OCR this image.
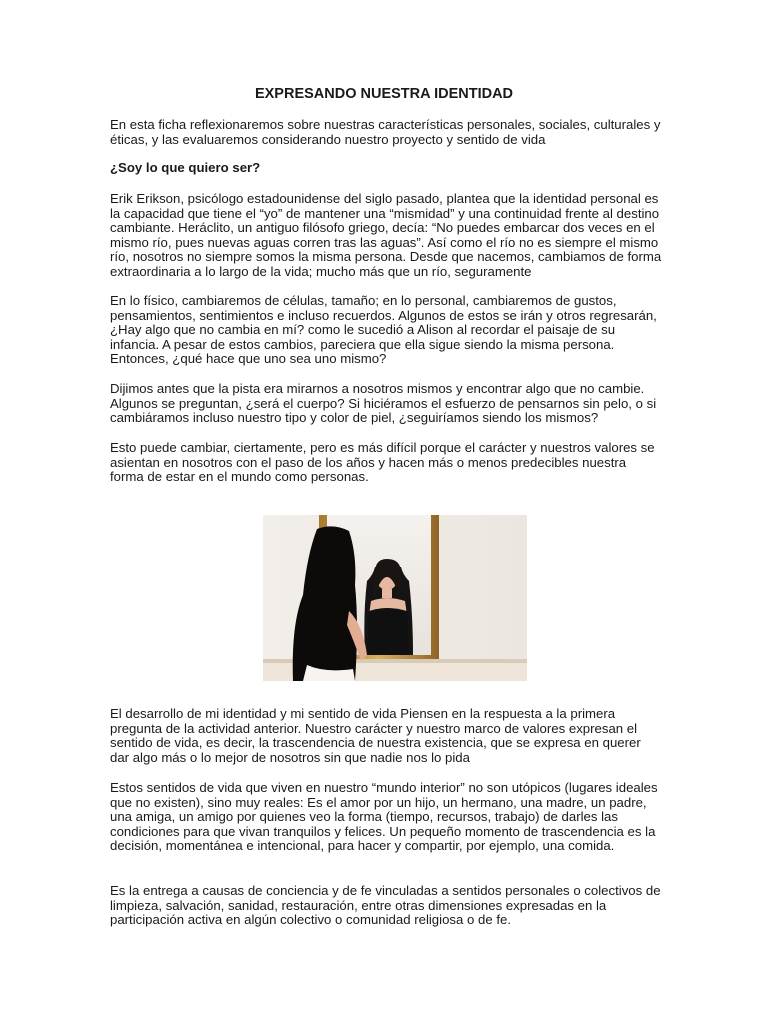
EXPRESANDO NUESTRA IDENTIDAD

En esta ficha reflexionaremos sobre nuestras características personales, sociales, culturales y éticas, y las evaluaremos considerando nuestro proyecto y sentido de vida

¿Soy lo que quiero ser?

Erik Erikson, psicólogo estadounidense del siglo pasado, plantea que la identidad personal es la capacidad que tiene el “yo” de mantener una “mismidad” y una continuidad frente al destino cambiante. Heráclito, un antiguo filósofo griego, decía: “No puedes embarcar dos veces en el mismo río, pues nuevas aguas corren tras las aguas”. Así como el río no es siempre el mismo río, nosotros no siempre somos la misma persona. Desde que nacemos, cambiamos de forma extraordinaria a lo largo de la vida; mucho más que un río, seguramente

En lo físico, cambiaremos de células, tamaño; en lo personal, cambiaremos de gustos, pensamientos, sentimientos e incluso recuerdos. Algunos de estos se irán y otros regresarán, ¿Hay algo que no cambia en mí? como le sucedió a Alison al recordar el paisaje de su infancia. A pesar de estos cambios, pareciera que ella sigue siendo la misma persona. Entonces, ¿qué hace que uno sea uno mismo?

Dijimos antes que la pista era mirarnos a nosotros mismos y encontrar algo que no cambie. Algunos se preguntan, ¿será el cuerpo? Si hiciéramos el esfuerzo de pensarnos sin pelo, o si cambiáramos incluso nuestro tipo y color de piel, ¿seguiríamos siendo los mismos?

Esto puede cambiar, ciertamente, pero es más difícil porque el carácter y nuestros valores se asientan en nosotros con el paso de los años y hacen más o menos predecibles nuestra forma de estar en el mundo como personas.

El desarrollo de mi identidad y mi sentido de vida Piensen en la respuesta a la primera pregunta de la actividad anterior. Nuestro carácter y nuestro marco de valores expresan el sentido de vida, es decir, la trascendencia de nuestra existencia, que se expresa en querer dar algo más o lo mejor de nosotros sin que nadie nos lo pida

Estos sentidos de vida que viven en nuestro “mundo interior” no son utópicos (lugares ideales que no existen), sino muy reales: Es el amor por un hijo, un hermano, una madre, un padre, una amiga, un amigo por quienes veo la forma (tiempo, recursos, trabajo) de darles las condiciones para que vivan tranquilos y felices. Un pequeño momento de trascendencia es la decisión, momentánea e intencional, para hacer y compartir, por ejemplo, una comida.

Es la entrega a causas de conciencia y de fe vinculadas a sentidos personales o colectivos de limpieza, salvación, sanidad, restauración, entre otras dimensiones expresadas en la participación activa en algún colectivo o comunidad religiosa o de fe.
